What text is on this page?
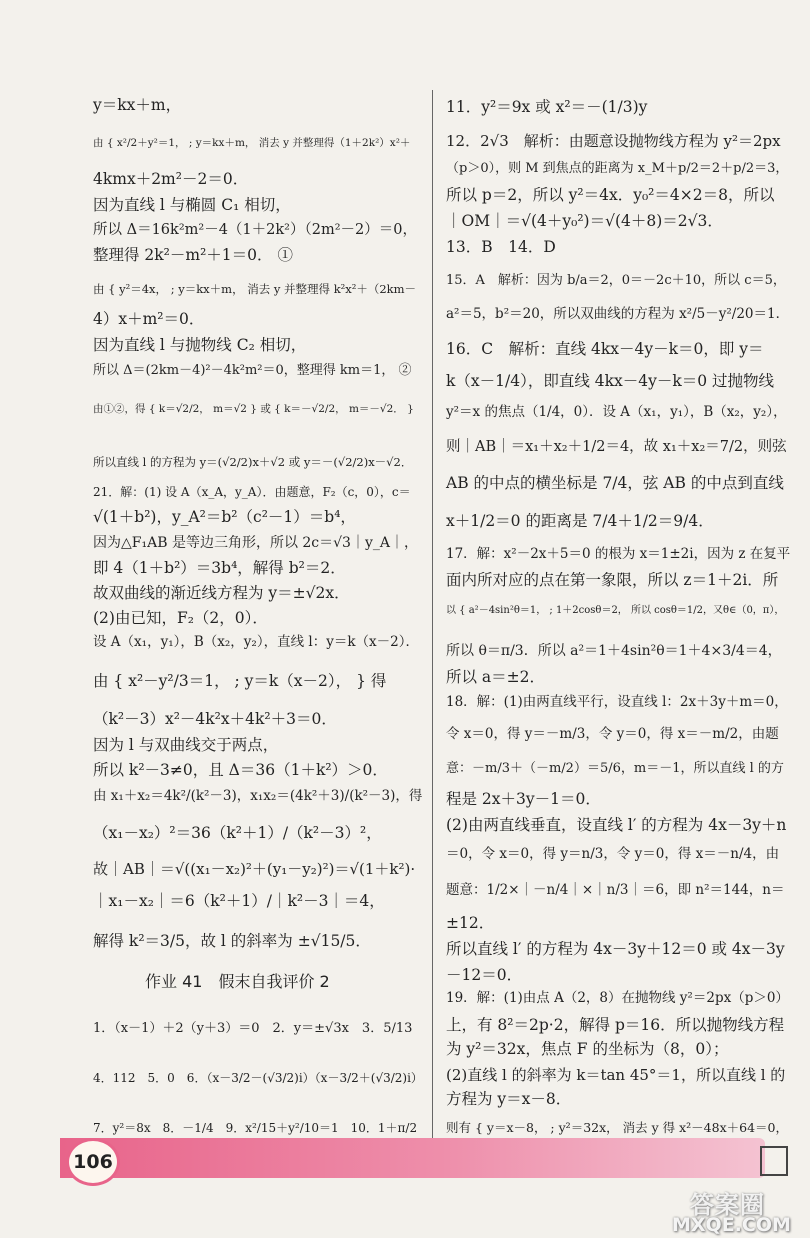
y＝kx＋m，
由 { x²/2＋y²＝1， ; y＝kx＋m， 消去 y 并整理得（1＋2k²）x²＋
4kmx＋2m²－2＝0．
因为直线 l 与椭圆 C₁ 相切，
所以 Δ＝16k²m²－4（1＋2k²）（2m²－2）＝0，
整理得 2k²－m²＋1＝0． ①
由 { y²＝4x， ; y＝kx＋m， 消去 y 并整理得 k²x²＋（2km－
4）x＋m²＝0．
因为直线 l 与抛物线 C₂ 相切，
所以 Δ＝(2km－4)²－4k²m²＝0，整理得 km＝1， ②
由①②，得 { k＝√2/2， m＝√2 } 或 { k＝－√2/2， m＝－√2． }
所以直线 l 的方程为 y＝(√2/2)x＋√2 或 y＝－(√2/2)x－√2．
21．解：(1) 设 A（x_A，y_A）．由题意，F₂（c，0），c＝
√(1＋b²)，y_A²＝b²（c²－1）＝b⁴，
因为△F₁AB 是等边三角形，所以 2c＝√3｜y_A｜，
即 4（1＋b²）＝3b⁴，解得 b²＝2．
故双曲线的渐近线方程为 y＝±√2x．
(2)由已知，F₂（2，0）．
设 A（x₁，y₁），B（x₂，y₂），直线 l：y＝k（x－2）．
由 { x²－y²/3＝1， ; y＝k（x－2）， } 得
（k²－3）x²－4k²x＋4k²＋3＝0．
因为 l 与双曲线交于两点，
所以 k²－3≠0，且 Δ＝36（1＋k²）＞0．
由 x₁＋x₂＝4k²/(k²－3)，x₁x₂＝(4k²＋3)/(k²－3)，得
（x₁－x₂）²＝36（k²＋1）/（k²－3）²，
故｜AB｜＝√((x₁－x₂)²＋(y₁－y₂)²)＝√(1＋k²)·
｜x₁－x₂｜＝6（k²＋1）/｜k²－3｜＝4，
解得 k²＝3/5，故 l 的斜率为 ±√15/5．
作业 41　假末自我评价 2
1．（x－1）＋2（y＋3）＝0　2．y＝±√3x　3．5/13
4．112　5．0　6．（x－3/2－(√3/2)i）（x－3/2＋(√3/2)i）
7．y²＝8x　8．－1/4　9．x²/15＋y²/10＝1　10．1＋π/2
11．y²＝9x 或 x²＝－(1/3)y
12．2√3　解析：由题意设抛物线方程为 y²＝2px
（p＞0），则 M 到焦点的距离为 x_M＋p/2＝2＋p/2＝3，
所以 p＝2，所以 y²＝4x．y₀²＝4×2＝8，所以
｜OM｜＝√(4＋y₀²)＝√(4＋8)＝2√3．
13．B　14．D
15．A　解析：因为 b/a＝2，0＝－2c＋10，所以 c＝5，
a²＝5，b²＝20，所以双曲线的方程为 x²/5－y²/20＝1．
16．C　解析：直线 4kx－4y－k＝0，即 y＝
k（x－1/4），即直线 4kx－4y－k＝0 过抛物线
y²＝x 的焦点（1/4，0）．设 A（x₁，y₁），B（x₂，y₂），
则｜AB｜＝x₁＋x₂＋1/2＝4，故 x₁＋x₂＝7/2，则弦
AB 的中点的横坐标是 7/4，弦 AB 的中点到直线
x＋1/2＝0 的距离是 7/4＋1/2＝9/4．
17．解：x²－2x＋5＝0 的根为 x＝1±2i，因为 z 在复平
面内所对应的点在第一象限，所以 z＝1＋2i．所
以 { a²－4sin²θ＝1， ; 1＋2cosθ＝2， 所以 cosθ＝1/2，又θ∈（0，π），
所以 θ＝π/3．所以 a²＝1＋4sin²θ＝1＋4×3/4＝4，
所以 a＝±2．
18．解：(1)由两直线平行，设直线 l：2x＋3y＋m＝0，
令 x＝0，得 y＝－m/3，令 y＝0，得 x＝－m/2，由题
意：－m/3＋（－m/2）＝5/6，m＝－1，所以直线 l 的方
程是 2x＋3y－1＝0．
(2)由两直线垂直，设直线 l′ 的方程为 4x－3y＋n
＝0，令 x＝0，得 y＝n/3，令 y＝0，得 x＝－n/4，由
题意：1/2×｜－n/4｜×｜n/3｜＝6，即 n²＝144，n＝
±12．
所以直线 l′ 的方程为 4x－3y＋12＝0 或 4x－3y
－12＝0．
19．解：(1)由点 A（2，8）在抛物线 y²＝2px（p＞0）
上，有 8²＝2p·2，解得 p＝16．所以抛物线方程
为 y²＝32x，焦点 F 的坐标为（8，0）；
(2)直线 l 的斜率为 k＝tan 45°＝1，所以直线 l 的
方程为 y＝x－8．
则有 { y＝x－8， ; y²＝32x， 消去 y 得 x²－48x＋64＝0，
106
答案圈
MXQE.COM
